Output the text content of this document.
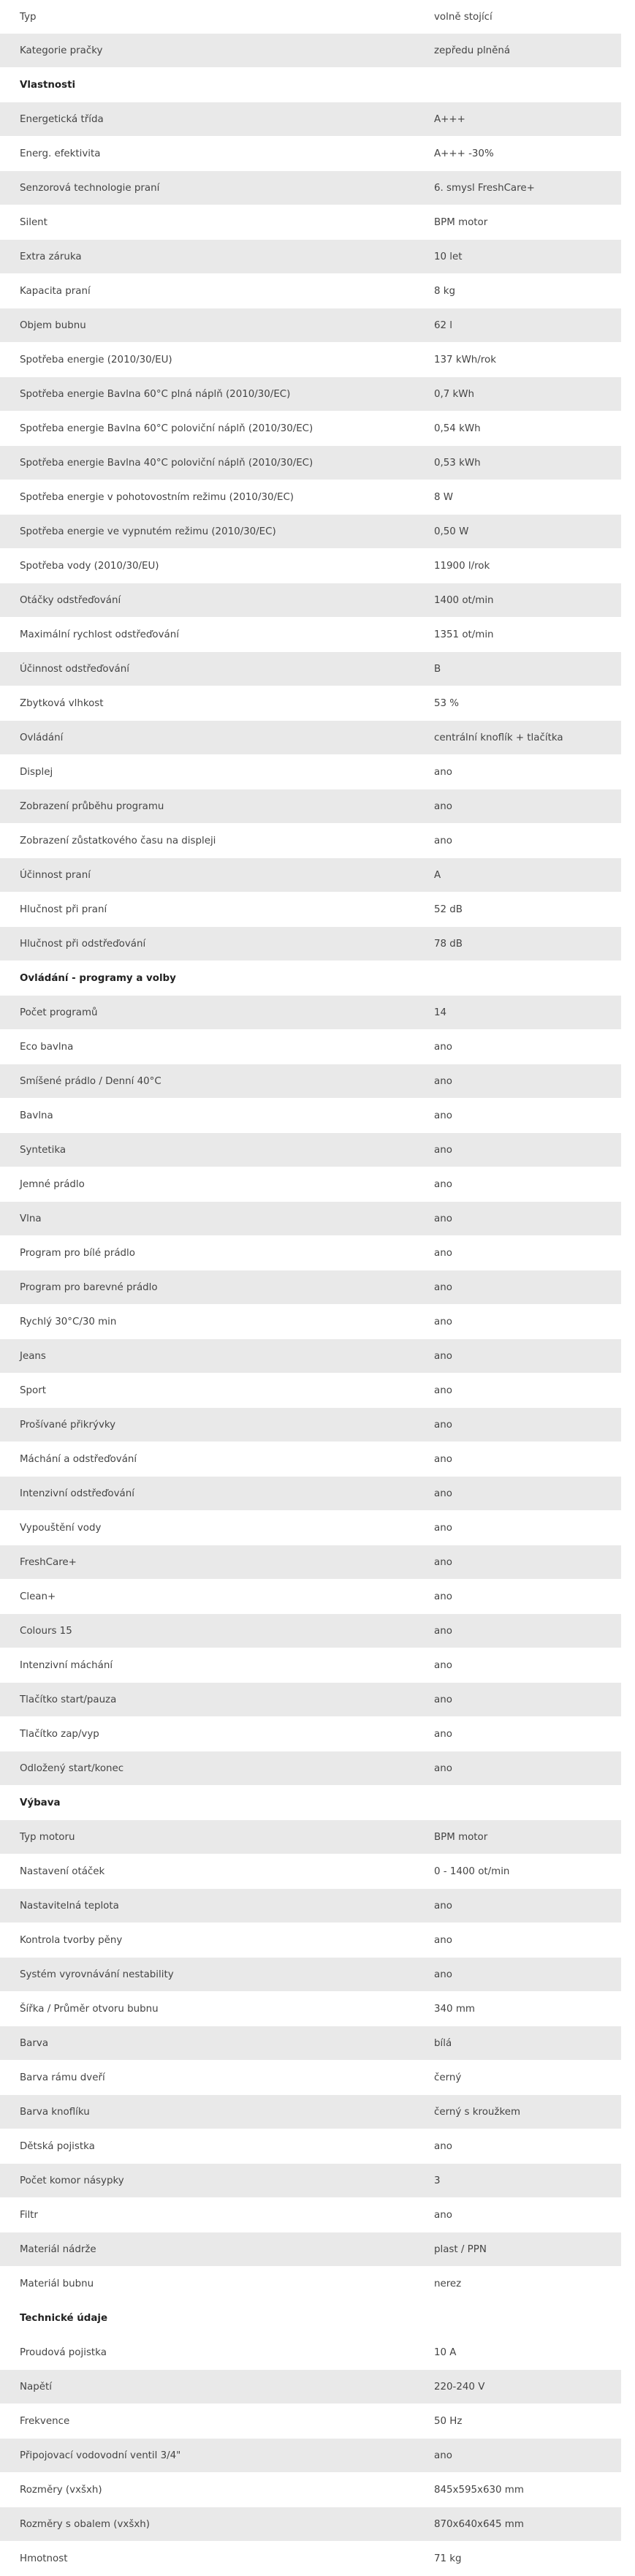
Typ	volně stojící
Kategorie pračky	zepředu plněná
Vlastnosti
Energetická třída	A+++
Energ. efektivita	A+++ -30%
Senzorová technologie praní	6. smysl FreshCare+
Silent	BPM motor
Extra záruka	10 let
Kapacita praní	8 kg
Objem bubnu	62 l
Spotřeba energie (2010/30/EU)	137 kWh/rok
Spotřeba energie Bavlna 60°C plná náplň (2010/30/EC)	0,7 kWh
Spotřeba energie Bavlna 60°C poloviční náplň (2010/30/EC)	0,54 kWh
Spotřeba energie Bavlna 40°C poloviční náplň (2010/30/EC)	0,53 kWh
Spotřeba energie v pohotovostním režimu (2010/30/EC)	8 W
Spotřeba energie ve vypnutém režimu (2010/30/EC)	0,50 W
Spotřeba vody (2010/30/EU)	11900 l/rok
Otáčky odstřeďování	1400 ot/min
Maximální rychlost odstřeďování	1351 ot/min
Účinnost odstřeďování	B
Zbytková vlhkost	53 %
Ovládání	centrální knoflík + tlačítka
Displej	ano
Zobrazení průběhu programu	ano
Zobrazení zůstatkového času na displeji	ano
Účinnost praní	A
Hlučnost při praní	52 dB
Hlučnost při odstřeďování	78 dB
Ovládání - programy a volby
Počet programů	14
Eco bavlna	ano
Smíšené prádlo / Denní 40°C	ano
Bavlna	ano
Syntetika	ano
Jemné prádlo	ano
Vlna	ano
Program pro bílé prádlo	ano
Program pro barevné prádlo	ano
Rychlý 30°C/30 min	ano
Jeans	ano
Sport	ano
Prošívané přikrývky	ano
Máchání a odstřeďování	ano
Intenzivní odstřeďování	ano
Vypouštění vody	ano
FreshCare+	ano
Clean+	ano
Colours 15	ano
Intenzivní máchání	ano
Tlačítko start/pauza	ano
Tlačítko zap/vyp	ano
Odložený start/konec	ano
Výbava
Typ motoru	BPM motor
Nastavení otáček	0 - 1400 ot/min
Nastavitelná teplota	ano
Kontrola tvorby pěny	ano
Systém vyrovnávání nestability	ano
Šířka / Průměr otvoru bubnu	340 mm
Barva	bílá
Barva rámu dveří	černý
Barva knoflíku	černý s kroužkem
Dětská pojistka	ano
Počet komor násypky	3
Filtr	ano
Materiál nádrže	plast / PPN
Materiál bubnu	nerez
Technické údaje
Proudová pojistka	10 A
Napětí	220-240 V
Frekvence	50 Hz
Připojovací vodovodní ventil 3/4"	ano
Rozměry (vxšxh)	845x595x630 mm
Rozměry s obalem (vxšxh)	870x640x645 mm
Hmotnost	71 kg
